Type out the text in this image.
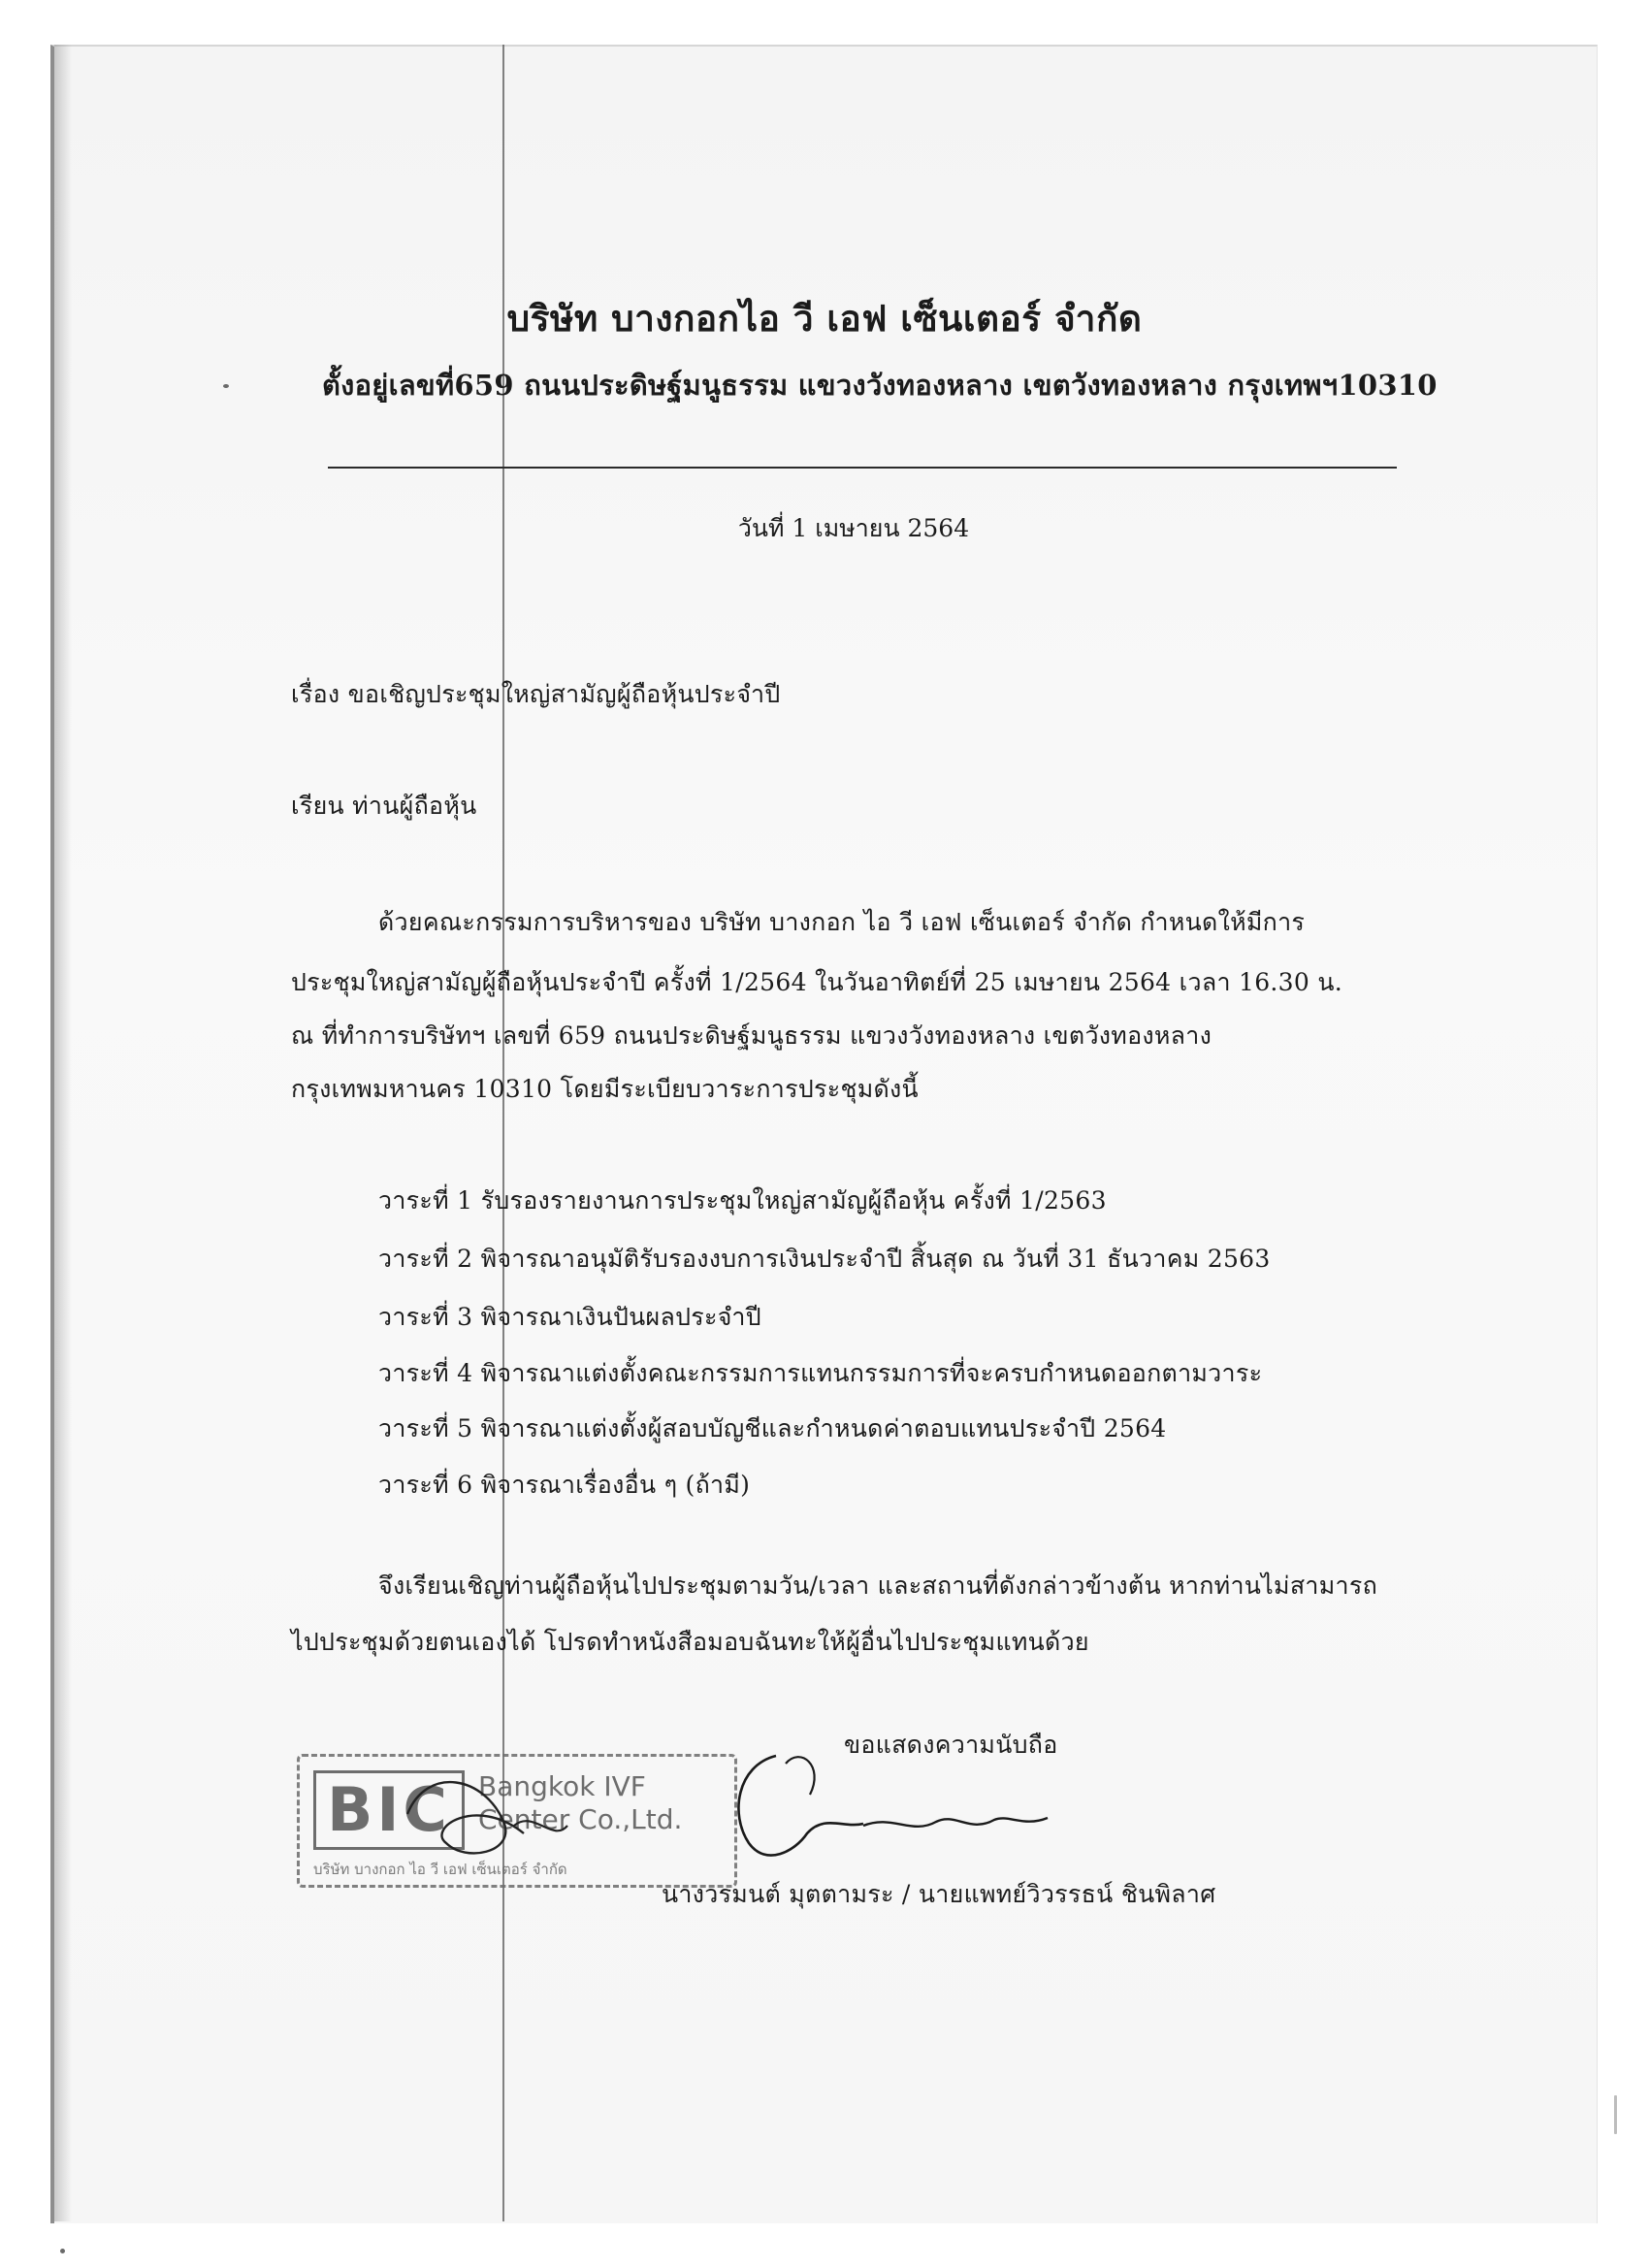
บริษัท บางกอกไอ วี เอฟ เซ็นเตอร์ จำกัด
ตั้งอยู่เลขที่659 ถนนประดิษฐ์มนูธรรม แขวงวังทองหลาง เขตวังทองหลาง กรุงเทพฯ10310
วันที่ 1 เมษายน 2564
เรื่อง ขอเชิญประชุมใหญ่สามัญผู้ถือหุ้นประจำปี
เรียน ท่านผู้ถือหุ้น
ด้วยคณะกรรมการบริหารของ บริษัท บางกอก ไอ วี เอฟ เซ็นเตอร์ จำกัด กำหนดให้มีการ
ประชุมใหญ่สามัญผู้ถือหุ้นประจำปี ครั้งที่ 1/2564 ในวันอาทิตย์ที่ 25 เมษายน 2564 เวลา 16.30 น.
ณ ที่ทำการบริษัทฯ เลขที่ 659 ถนนประดิษฐ์มนูธรรม แขวงวังทองหลาง เขตวังทองหลาง
กรุงเทพมหานคร 10310 โดยมีระเบียบวาระการประชุมดังนี้
วาระที่ 1 รับรองรายงานการประชุมใหญ่สามัญผู้ถือหุ้น ครั้งที่ 1/2563
วาระที่ 2 พิจารณาอนุมัติรับรองงบการเงินประจำปี สิ้นสุด ณ วันที่ 31 ธันวาคม 2563
วาระที่ 3 พิจารณาเงินปันผลประจำปี
วาระที่ 4 พิจารณาแต่งตั้งคณะกรรมการแทนกรรมการที่จะครบกำหนดออกตามวาระ
วาระที่ 5 พิจารณาแต่งตั้งผู้สอบบัญชีและกำหนดค่าตอบแทนประจำปี 2564
วาระที่ 6 พิจารณาเรื่องอื่น ๆ (ถ้ามี)
จึงเรียนเชิญท่านผู้ถือหุ้นไปประชุมตามวัน/เวลา และสถานที่ดังกล่าวข้างต้น หากท่านไม่สามารถ
ไปประชุมด้วยตนเองได้ โปรดทำหนังสือมอบฉันทะให้ผู้อื่นไปประชุมแทนด้วย
ขอแสดงความนับถือ
BIC	Bangkok IVF
Center Co.,Ltd.
บริษัท บางกอก ไอ วี เอฟ เซ็นเตอร์ จำกัด
นางวรมนต์ มุตตามระ / นายแพทย์วิวรรธน์ ชินพิลาศ
